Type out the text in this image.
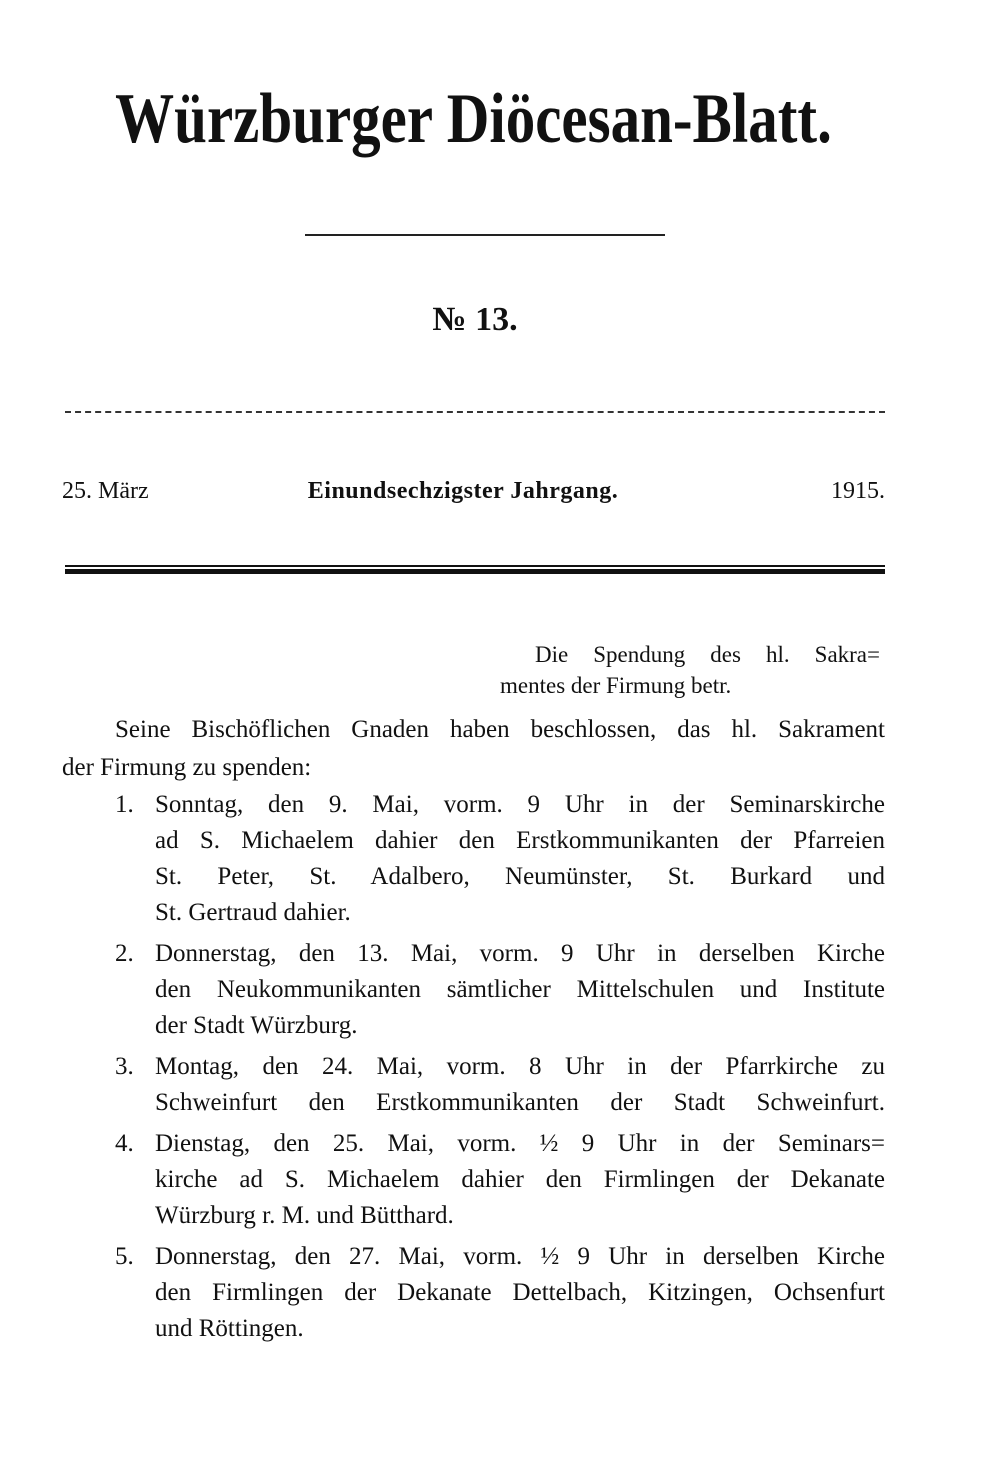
Würzburger Diöcesan-Blatt.
№ 13.
25. März	Einundsechzigster Jahrgang.	1915.
Die Spendung des hl. Sakra=
mentes der Firmung betr.
Seine Bischöflichen Gnaden haben beschlossen, das hl. Sakrament
der Firmung zu spenden:
1. Sonntag, den 9. Mai, vorm. 9 Uhr in der Seminarskirche
ad S. Michaelem dahier den Erstkommunikanten der Pfarreien
St. Peter, St. Adalbero, Neumünster, St. Burkard und
St. Gertraud dahier.
2. Donnerstag, den 13. Mai, vorm. 9 Uhr in derselben Kirche
den Neukommunikanten sämtlicher Mittelschulen und Institute
der Stadt Würzburg.
3. Montag, den 24. Mai, vorm. 8 Uhr in der Pfarrkirche zu
Schweinfurt den Erstkommunikanten der Stadt Schweinfurt.
4. Dienstag, den 25. Mai, vorm. ½ 9 Uhr in der Seminars=
kirche ad S. Michaelem dahier den Firmlingen der Dekanate
Würzburg r. M. und Bütthard.
5. Donnerstag, den 27. Mai, vorm. ½ 9 Uhr in derselben Kirche
den Firmlingen der Dekanate Dettelbach, Kitzingen, Ochsenfurt
und Röttingen.
